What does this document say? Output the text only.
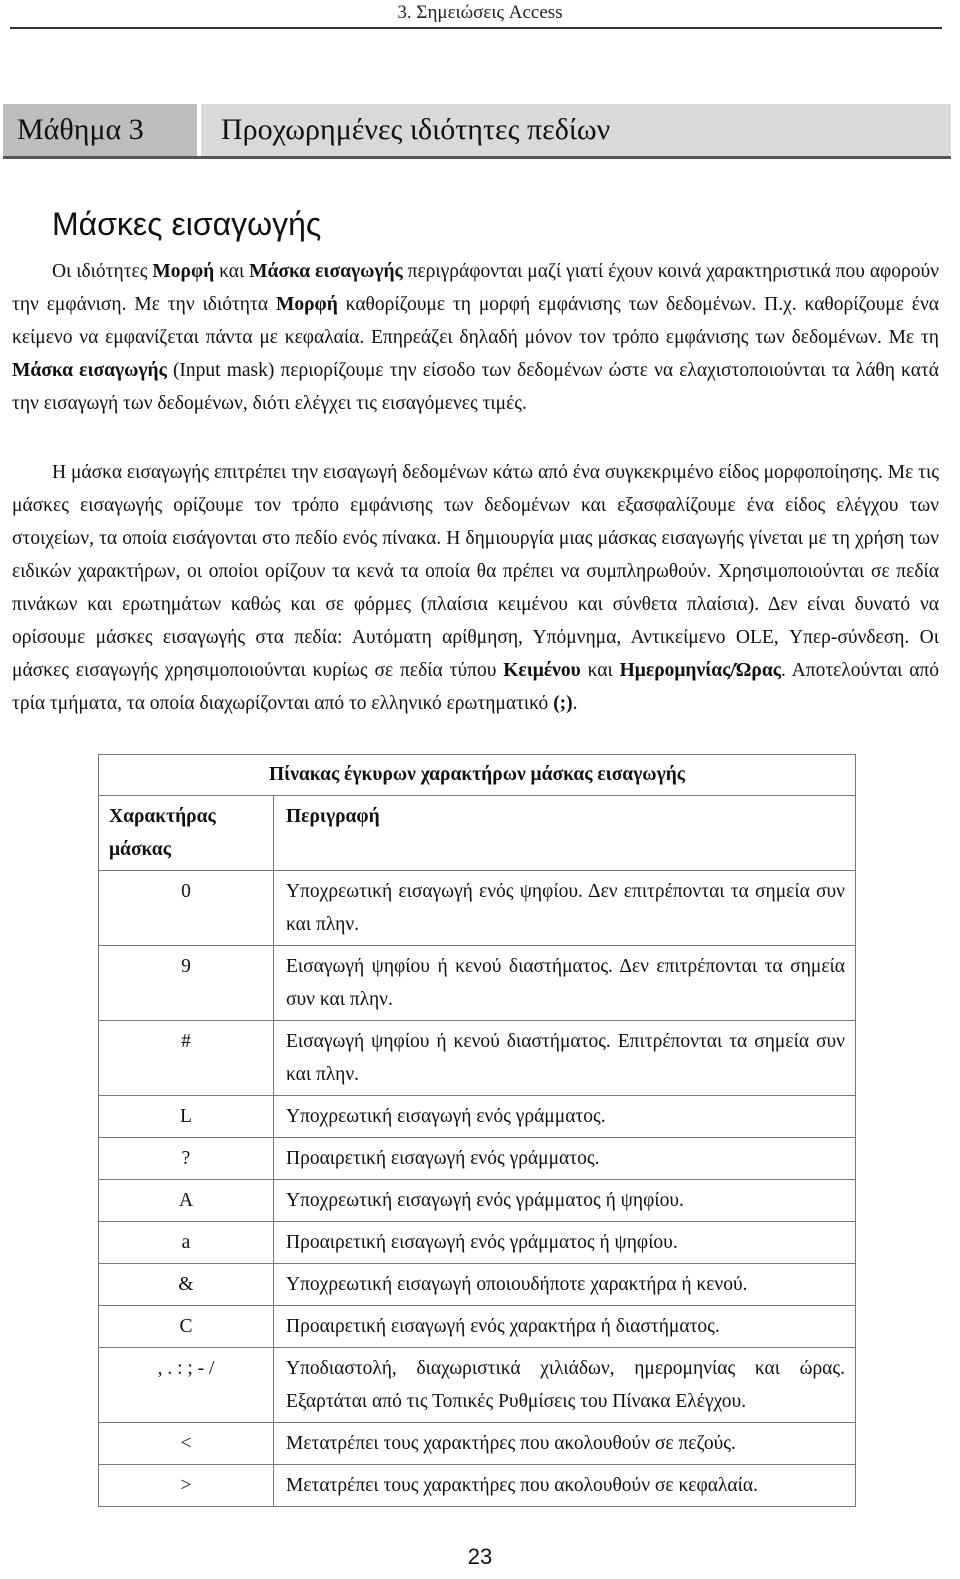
3. Σημειώσεις Access
Μάθημα 3	Προχωρημένες ιδιότητες πεδίων
Μάσκες εισαγωγής

Οι ιδιότητες Μορφή και Μάσκα εισαγωγής περιγράφονται μαζί γιατί έχουν κοινά χαρακτηριστικά που αφορούν την εμφάνιση. Με την ιδιότητα Μορφή καθορίζουμε τη μορφή εμφάνισης των δεδομένων. Π.χ. καθορίζουμε ένα κείμενο να εμφανίζεται πάντα με κεφαλαία. Επηρεάζει δηλαδή μόνον τον τρόπο εμφάνισης των δεδομένων. Με τη Μάσκα εισαγωγής (Input mask) περιορίζουμε την είσοδο των δεδομένων ώστε να ελαχιστοποιούνται τα λάθη κατά την εισαγωγή των δεδομένων, διότι ελέγχει τις εισαγόμενες τιμές.

Η μάσκα εισαγωγής επιτρέπει την εισαγωγή δεδομένων κάτω από ένα συγκεκριμένο είδος μορφοποίησης. Με τις μάσκες εισαγωγής ορίζουμε τον τρόπο εμφάνισης των δεδομένων και εξασφαλίζουμε ένα είδος ελέγχου των στοιχείων, τα οποία εισάγονται στο πεδίο ενός πίνακα. Η δημιουργία μιας μάσκας εισαγωγής γίνεται με τη χρήση των ειδικών χαρακτήρων, οι οποίοι ορίζουν τα κενά τα οποία θα πρέπει να συμπληρωθούν. Χρησιμοποιούνται σε πεδία πινάκων και ερωτημάτων καθώς και σε φόρμες (πλαίσια κειμένου και σύνθετα πλαίσια). Δεν είναι δυνατό να ορίσουμε μάσκες εισαγωγής στα πεδία: Αυτόματη αρίθμηση, Υπόμνημα, Αντικείμενο OLE, Υπερ-σύνδεση. Οι μάσκες εισαγωγής χρησιμοποιούνται κυρίως σε πεδία τύπου Κειμένου και Ημερομηνίας/Ώρας. Αποτελούνται από τρία τμήματα, τα οποία διαχωρίζονται από το ελληνικό ερωτηματικό (;).

Πίνακας έγκυρων χαρακτήρων μάσκας εισαγωγής	
Χαρακτήρας μάσκας	Περιγραφή
0	Υποχρεωτική εισαγωγή ενός ψηφίου. Δεν επιτρέπονται τα σημεία συν και πλην.
9	Εισαγωγή ψηφίου ή κενού διαστήματος. Δεν επιτρέπονται τα σημεία συν και πλην.
#	Εισαγωγή ψηφίου ή κενού διαστήματος. Επιτρέπονται τα σημεία συν και πλην.
L	Υποχρεωτική εισαγωγή ενός γράμματος.
?	Προαιρετική εισαγωγή ενός γράμματος.
A	Υποχρεωτική εισαγωγή ενός γράμματος ή ψηφίου.
a	Προαιρετική εισαγωγή ενός γράμματος ή ψηφίου.
&	Υποχρεωτική εισαγωγή οποιουδήποτε χαρακτήρα ή κενού.
C	Προαιρετική εισαγωγή ενός χαρακτήρα ή διαστήματος.
, . : ; - /	Υποδιαστολή, διαχωριστικά χιλιάδων, ημερομηνίας και ώρας. Εξαρτάται από τις Τοπικές Ρυθμίσεις του Πίνακα Ελέγχου.
<	Μετατρέπει τους χαρακτήρες που ακολουθούν σε πεζούς.
>	Μετατρέπει τους χαρακτήρες που ακολουθούν σε κεφαλαία.
23
